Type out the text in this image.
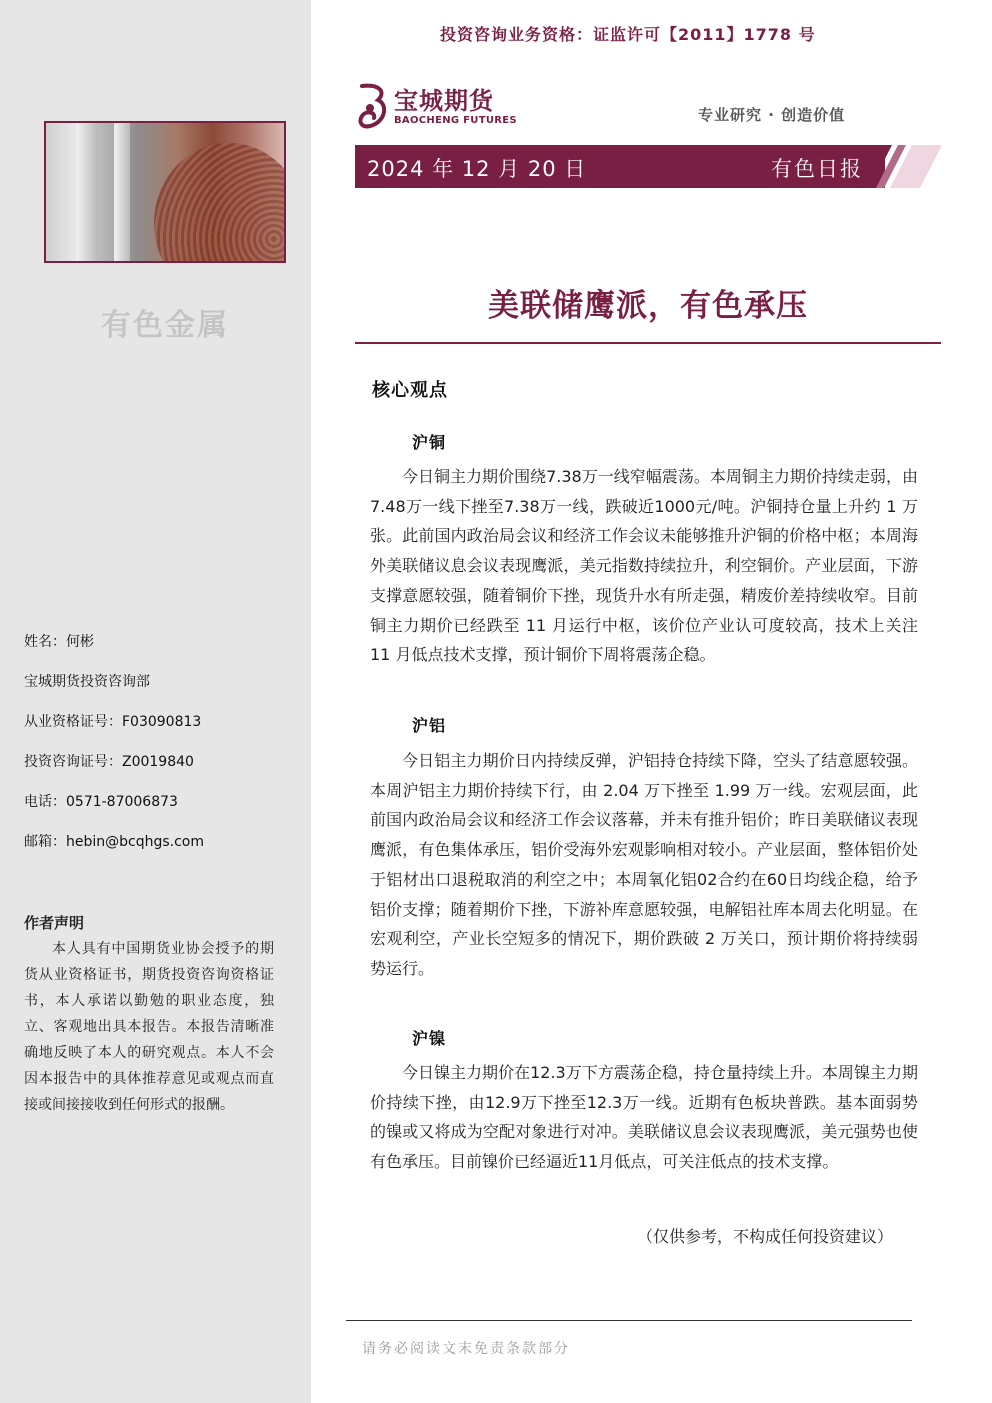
有色金属
姓名：何彬
宝城期货投资咨询部
从业资格证号：F03090813
投资咨询证号：Z0019840
电话：0571-87006873
邮箱：hebin@bcqhgs.com
作者声明
本人具有中国期货业协会授予的期货从业资格证书，期货投资咨询资格证书，本人承诺以勤勉的职业态度，独立、客观地出具本报告。本报告清晰准确地反映了本人的研究观点。本人不会因本报告中的具体推荐意见或观点而直接或间接接收到任何形式的报酬。
投资咨询业务资格：证监许可【2011】1778 号
宝城期货
BAOCHENG FUTURES	专业研究 · 创造价值
2024 年 12 月 20 日	有色日报
美联储鹰派，有色承压
核心观点
沪铜
今日铜主力期价围绕7.38万一线窄幅震荡。本周铜主力期价持续走弱，由7.48万一线下挫至7.38万一线，跌破近1000元/吨。沪铜持仓量上升约 1 万张。此前国内政治局会议和经济工作会议未能够推升沪铜的价格中枢；本周海外美联储议息会议表现鹰派，美元指数持续拉升，利空铜价。产业层面，下游支撑意愿较强，随着铜价下挫，现货升水有所走强，精废价差持续收窄。目前铜主力期价已经跌至 11 月运行中枢，该价位产业认可度较高，技术上关注 11 月低点技术支撑，预计铜价下周将震荡企稳。
沪铝
今日铝主力期价日内持续反弹，沪铝持仓持续下降，空头了结意愿较强。本周沪铝主力期价持续下行，由 2.04 万下挫至 1.99 万一线。宏观层面，此前国内政治局会议和经济工作会议落幕，并未有推升铝价；昨日美联储议表现鹰派，有色集体承压，铝价受海外宏观影响相对较小。产业层面，整体铝价处于铝材出口退税取消的利空之中；本周氧化铝02合约在60日均线企稳，给予铝价支撑；随着期价下挫，下游补库意愿较强，电解铝社库本周去化明显。在宏观利空，产业长空短多的情况下，期价跌破 2 万关口，预计期价将持续弱势运行。
沪镍
今日镍主力期价在12.3万下方震荡企稳，持仓量持续上升。本周镍主力期价持续下挫，由12.9万下挫至12.3万一线。近期有色板块普跌。基本面弱势的镍或又将成为空配对象进行对冲。美联储议息会议表现鹰派，美元强势也使有色承压。目前镍价已经逼近11月低点，可关注低点的技术支撑。
（仅供参考，不构成任何投资建议）
请务必阅读文末免责条款部分
